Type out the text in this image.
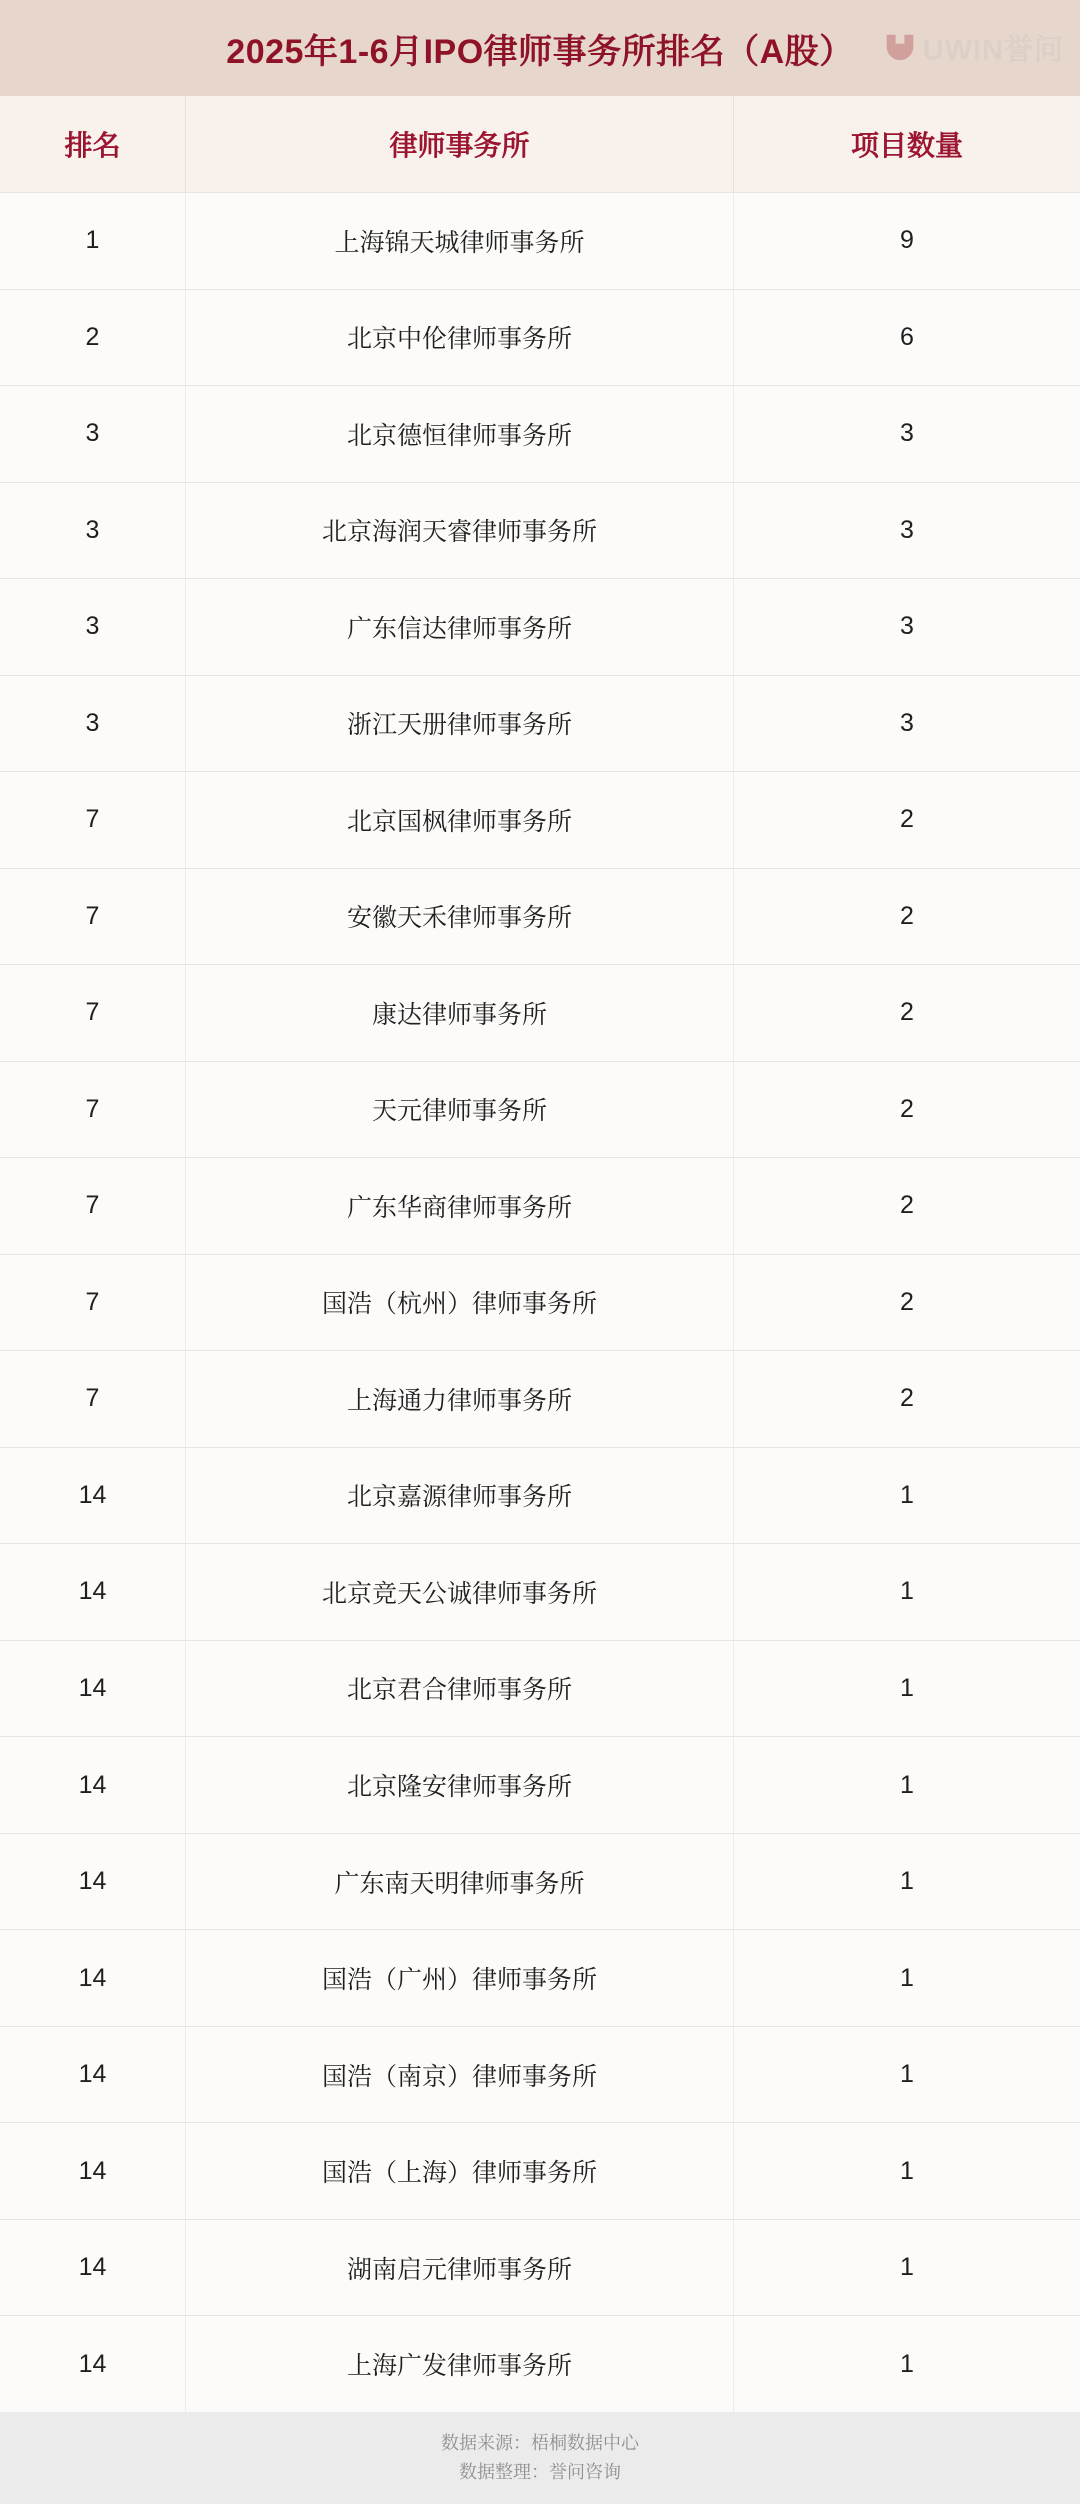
2025年1-6月IPO律师事务所排名（A股） UWIN誉问
排名	律师事务所	项目数量
1	上海锦天城律师事务所	9
2	北京中伦律师事务所	6
3	北京德恒律师事务所	3
3	北京海润天睿律师事务所	3
3	广东信达律师事务所	3
3	浙江天册律师事务所	3
7	北京国枫律师事务所	2
7	安徽天禾律师事务所	2
7	康达律师事务所	2
7	天元律师事务所	2
7	广东华商律师事务所	2
7	国浩（杭州）律师事务所	2
7	上海通力律师事务所	2
14	北京嘉源律师事务所	1
14	北京竞天公诚律师事务所	1
14	北京君合律师事务所	1
14	北京隆安律师事务所	1
14	广东南天明律师事务所	1
14	国浩（广州）律师事务所	1
14	国浩（南京）律师事务所	1
14	国浩（上海）律师事务所	1
14	湖南启元律师事务所	1
14	上海广发律师事务所	1
数据来源：梧桐数据中心
数据整理：誉问咨询
